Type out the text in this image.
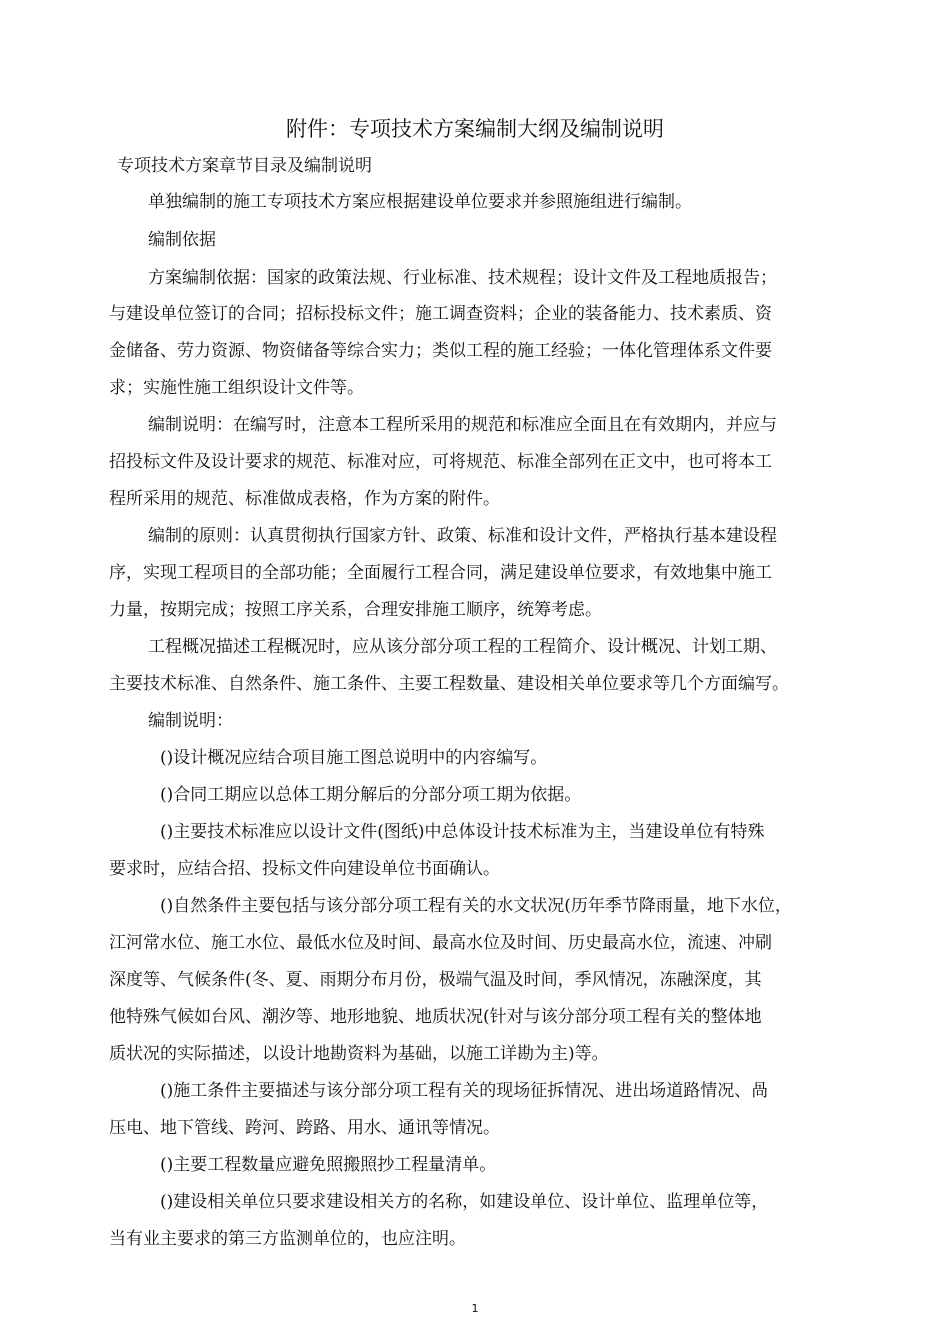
附件：专项技术方案编制大纲及编制说明
专项技术方案章节目录及编制说明
单独编制的施工专项技术方案应根据建设单位要求并参照施组进行编制。
编制依据
方案编制依据：国家的政策法规、行业标准、技术规程；设计文件及工程地质报告；
与建设单位签订的合同；招标投标文件；施工调查资料；企业的装备能力、技术素质、资
金储备、劳力资源、物资储备等综合实力；类似工程的施工经验；一体化管理体系文件要
求；实施性施工组织设计文件等。
编制说明：在编写时，注意本工程所采用的规范和标准应全面且在有效期内，并应与
招投标文件及设计要求的规范、标准对应，可将规范、标准全部列在正文中，也可将本工
程所采用的规范、标准做成表格，作为方案的附件。
编制的原则：认真贯彻执行国家方针、政策、标准和设计文件，严格执行基本建设程
序，实现工程项目的全部功能；全面履行工程合同，满足建设单位要求，有效地集中施工
力量，按期完成；按照工序关系，合理安排施工顺序，统筹考虑。
工程概况描述工程概况时，应从该分部分项工程的工程简介、设计概况、计划工期、
主要技术标准、自然条件、施工条件、主要工程数量、建设相关单位要求等几个方面编写。
编制说明：
()设计概况应结合项目施工图总说明中的内容编写。
()合同工期应以总体工期分解后的分部分项工期为依据。
()主要技术标准应以设计文件(图纸)中总体设计技术标准为主，当建设单位有特殊
要求时，应结合招、投标文件向建设单位书面确认。
()自然条件主要包括与该分部分项工程有关的水文状况(历年季节降雨量，地下水位，
江河常水位、施工水位、最低水位及时间、最高水位及时间、历史最高水位，流速、冲刷
深度等、气候条件(冬、夏、雨期分布月份，极端气温及时间，季风情况，冻融深度，其
他特殊气候如台风、潮汐等、地形地貌、地质状况(针对与该分部分项工程有关的整体地
质状况的实际描述，以设计地勘资料为基础，以施工详勘为主)等。
()施工条件主要描述与该分部分项工程有关的现场征拆情况、进出场道路情况、咼
压电、地下管线、跨河、跨路、用水、通讯等情况。
()主要工程数量应避免照搬照抄工程量清单。
()建设相关单位只要求建设相关方的名称，如建设单位、设计单位、监理单位等，
当有业主要求的第三方监测单位的，也应注明。
1
